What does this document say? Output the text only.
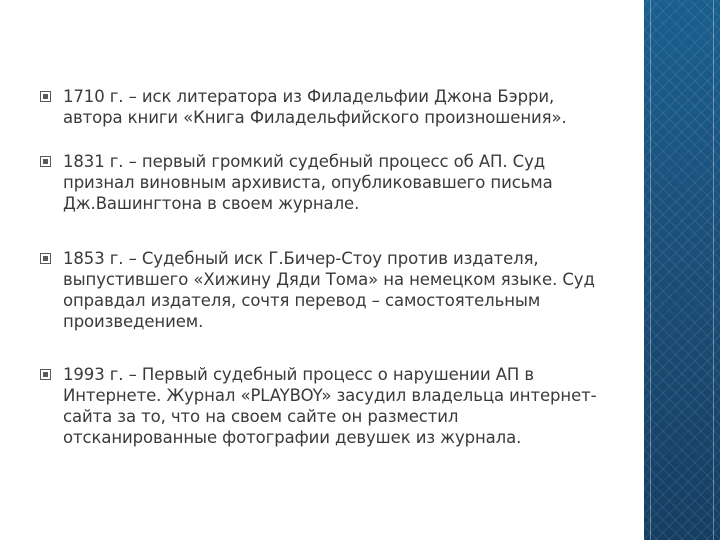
1710 г. – иск литератора из Филадельфии Джона Бэрри, автора книги «Книга Филадельфийского произношения».
1831 г. – первый громкий судебный процесс об АП. Суд признал виновным архивиста, опубликовавшего письма Дж.Вашингтона в своем журнале.
1853 г. – Судебный иск Г.Бичер-Стоу против издателя, выпустившего «Хижину Дяди Тома» на немецком языке. Суд оправдал издателя, сочтя перевод – самостоятельным произведением.
1993 г. – Первый судебный процесс о нарушении АП в Интернете. Журнал «PLAYBOY» засудил владельца интернет-сайта за то, что на своем сайте он разместил отсканированные фотографии девушек из журнала.
